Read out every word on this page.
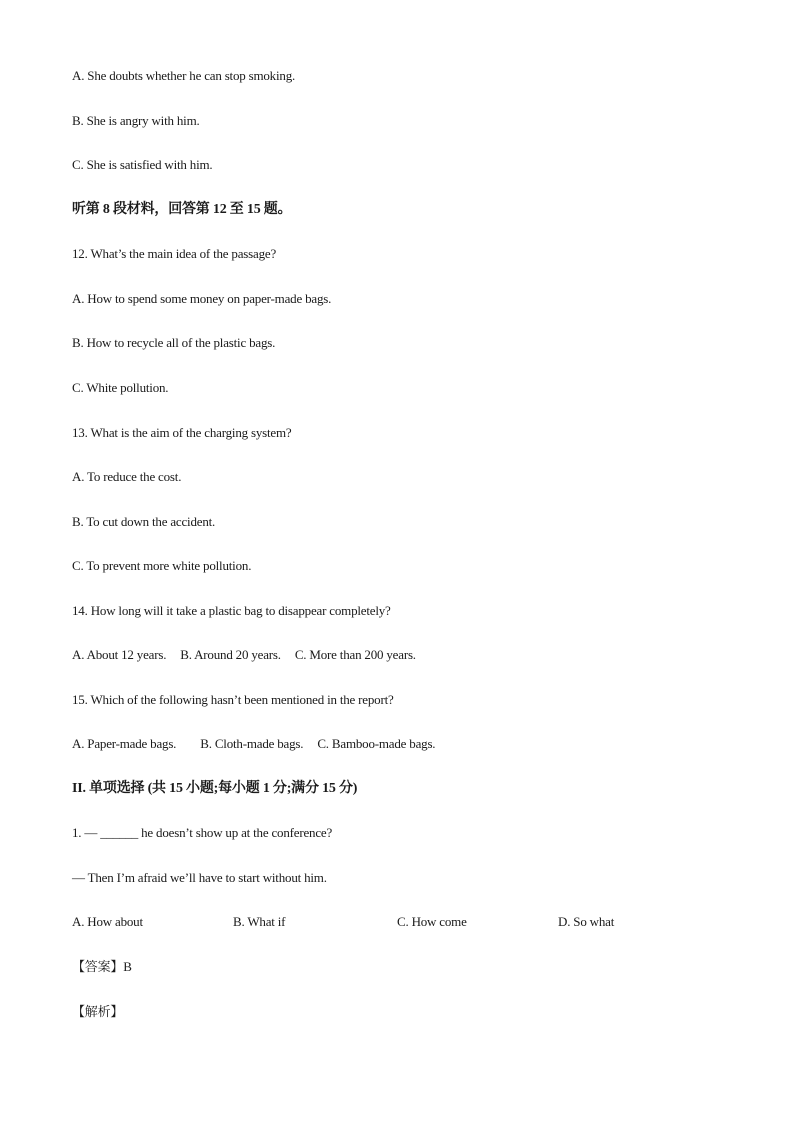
A. She doubts whether he can stop smoking.
B. She is angry with him.
C. She is satisfied with him.
听第 8 段材料，回答第 12 至 15 题。
12. What’s the main idea of the passage?
A. How to spend some money on paper-made bags.
B. How to recycle all of the plastic bags.
C. White pollution.
13. What is the aim of the charging system?
A. To reduce the cost.
B. To cut down the accident.
C. To prevent more white pollution.
14. How long will it take a plastic bag to disappear completely?
A. About 12 years. B. Around 20 years. C. More than 200 years.
15. Which of the following hasn’t been mentioned in the report?
A. Paper-made bags. B. Cloth-made bags. C. Bamboo-made bags.
II. 单项选择 (共 15 小题;每小题 1 分;满分 15 分)
1. — ______ he doesn’t show up at the conference?
— Then I’m afraid we’ll have to start without him.
A. How about	B. What if	C. How come	D. So what
【答案】B
【解析】
